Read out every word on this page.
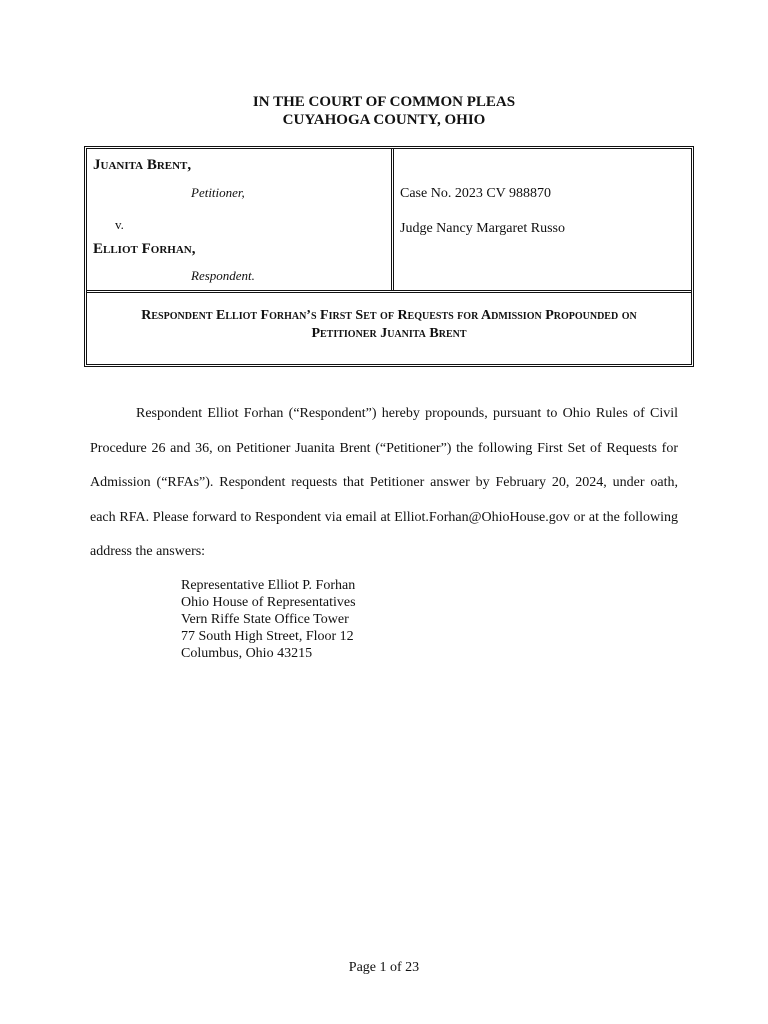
IN THE COURT OF COMMON PLEAS
CUYAHOGA COUNTY, OHIO
Juanita Brent,
Petitioner,
v.
Elliot Forhan,
Respondent.
Case No. 2023 CV 988870
Judge Nancy Margaret Russo
Respondent Elliot Forhan’s First Set of Requests for Admission Propounded on
Petitioner Juanita Brent

Respondent Elliot Forhan (“Respondent”) hereby propounds, pursuant to Ohio Rules of Civil Procedure 26 and 36, on Petitioner Juanita Brent (“Petitioner”) the following First Set of Requests for Admission (“RFAs”). Respondent requests that Petitioner answer by February 20, 2024, under oath, each RFA. Please forward to Respondent via email at Elliot.Forhan@OhioHouse.gov or at the following address the answers:

Representative Elliot P. Forhan
Ohio House of Representatives
Vern Riffe State Office Tower
77 South High Street, Floor 12
Columbus, Ohio 43215
Page 1 of 23
